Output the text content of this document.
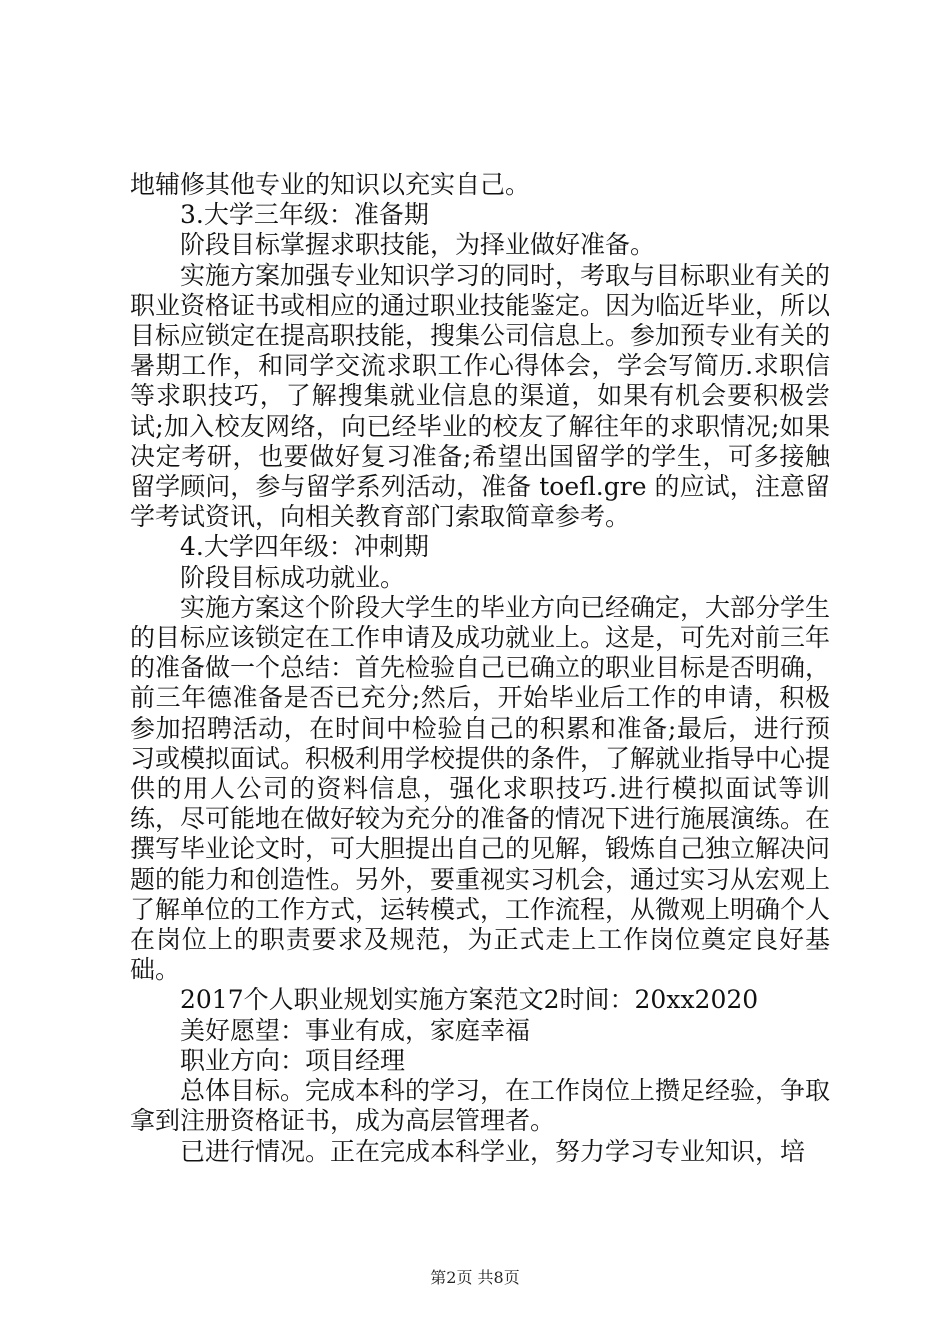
地辅修其他专业的知识以充实自己。

3.大学三年级：准备期

阶段目标掌握求职技能，为择业做好准备。

实施方案加强专业知识学习的同时，考取与目标职业有关的职业资格证书或相应的通过职业技能鉴定。因为临近毕业，所以目标应锁定在提高职技能，搜集公司信息上。参加预专业有关的暑期工作，和同学交流求职工作心得体会，学会写简历.求职信等求职技巧，了解搜集就业信息的渠道，如果有机会要积极尝试;加入校友网络，向已经毕业的校友了解往年的求职情况;如果决定考研，也要做好复习准备;希望出国留学的学生，可多接触留学顾问，参与留学系列活动，准备 toefl.gre 的应试，注意留学考试资讯，向相关教育部门索取简章参考。

4.大学四年级：冲刺期

阶段目标成功就业。

实施方案这个阶段大学生的毕业方向已经确定，大部分学生的目标应该锁定在工作申请及成功就业上。这是，可先对前三年的准备做一个总结：首先检验自己已确立的职业目标是否明确，前三年德准备是否已充分;然后，开始毕业后工作的申请，积极参加招聘活动，在时间中检验自己的积累和准备;最后，进行预习或模拟面试。积极利用学校提供的条件，了解就业指导中心提供的用人公司的资料信息，强化求职技巧.进行模拟面试等训练，尽可能地在做好较为充分的准备的情况下进行施展演练。在撰写毕业论文时，可大胆提出自己的见解，锻炼自己独立解决问题的能力和创造性。另外，要重视实习机会，通过实习从宏观上了解单位的工作方式，运转模式，工作流程，从微观上明确个人在岗位上的职责要求及规范，为正式走上工作岗位奠定良好基础。

2017个人职业规划实施方案范文2时间：20xx2020

美好愿望：事业有成，家庭幸福

职业方向：项目经理

总体目标。完成本科的学习，在工作岗位上攒足经验，争取拿到注册资格证书，成为高层管理者。

已进行情况。正在完成本科学业，努力学习专业知识，培

第2页 共8页
